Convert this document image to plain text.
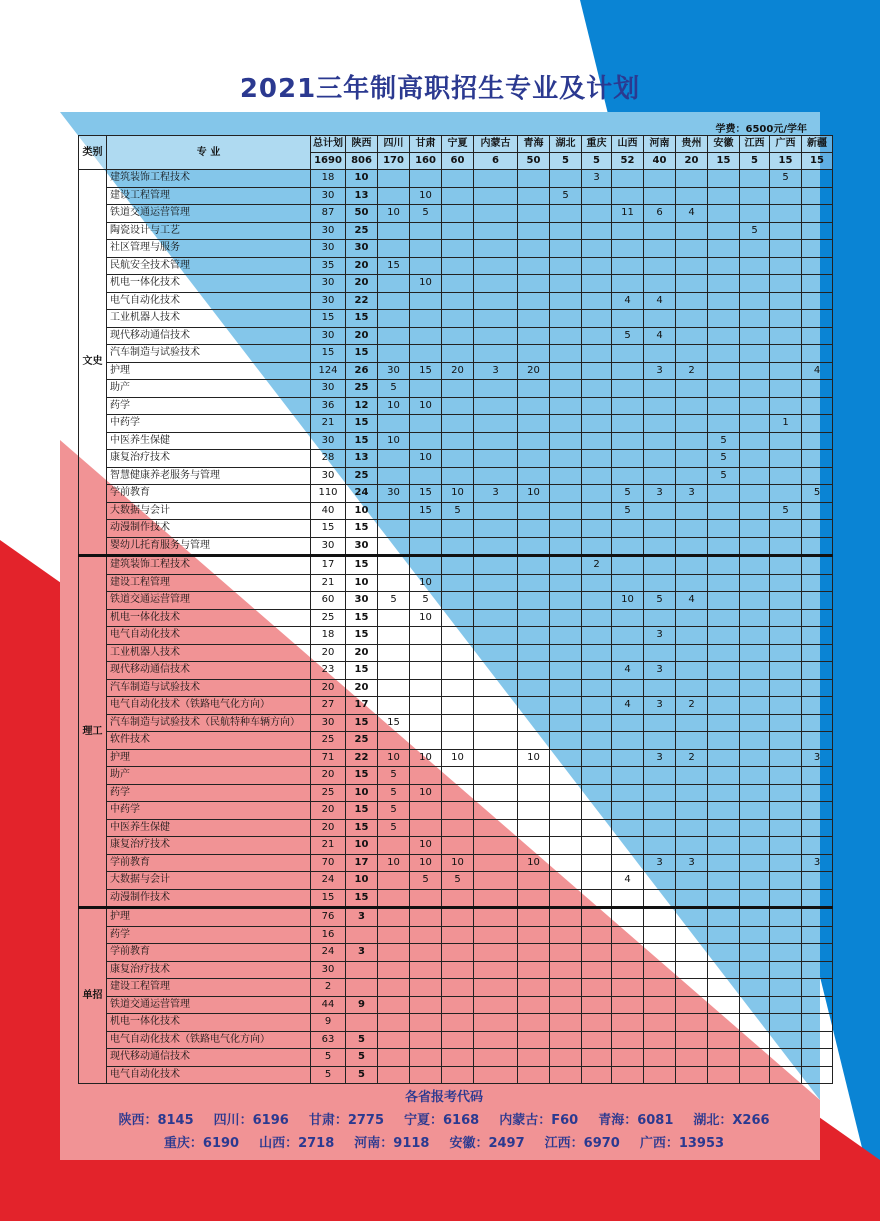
2021三年制高职招生专业及计划
学费：6500元/学年
类别	专 业	总计划	陕西	四川	甘肃	宁夏	内蒙古	青海	湖北	重庆	山西	河南	贵州	安徽	江西	广西	新疆
		1690	806	170	160	60	6	50	5	5	52	40	20	15	5	15	15
文史	建筑装饰工程技术	18	10							3						5	
	建设工程管理	30	13		10				5								
	铁道交通运营管理	87	50	10	5						11	6	4				
	陶瓷设计与工艺	30	25												5		
	社区管理与服务	30	30														
	民航安全技术管理	35	20	15													
	机电一体化技术	30	20		10												
	电气自动化技术	30	22								4	4					
	工业机器人技术	15	15														
	现代移动通信技术	30	20								5	4					
	汽车制造与试验技术	15	15														
	护理	124	26	30	15	20	3	20				3	2				4
	助产	30	25	5													
	药学	36	12	10	10												
	中药学	21	15													1	
	中医养生保健	30	15	10										5			
	康复治疗技术	28	13		10									5			
	智慧健康养老服务与管理	30	25											5			
	学前教育	110	24	30	15	10	3	10			5	3	3				5
	大数据与会计	40	10		15	5					5					5	
	动漫制作技术	15	15														
	婴幼儿托育服务与管理	30	30														
理工	建筑装饰工程技术	17	15							2							
	建设工程管理	21	10		10												
	铁道交通运营管理	60	30	5	5						10	5	4				
	机电一体化技术	25	15		10												
	电气自动化技术	18	15									3					
	工业机器人技术	20	20														
	现代移动通信技术	23	15								4	3					
	汽车制造与试验技术	20	20														
	电气自动化技术（铁路电气化方向）	27	17								4	3	2				
	汽车制造与试验技术（民航特种车辆方向）	30	15	15													
	软件技术	25	25														
	护理	71	22	10	10	10		10				3	2				3
	助产	20	15	5													
	药学	25	10	5	10												
	中药学	20	15	5													
	中医养生保健	20	15	5													
	康复治疗技术	21	10		10												
	学前教育	70	17	10	10	10		10				3	3				3
	大数据与会计	24	10		5	5					4						
	动漫制作技术	15	15														
单招	护理	76	3														
	药学	16															
	学前教育	24	3														
	康复治疗技术	30															
	建设工程管理	2															
	铁道交通运营管理	44	9														
	机电一体化技术	9															
	电气自动化技术（铁路电气化方向）	63	5														
	现代移动通信技术	5	5														
	电气自动化技术	5	5														
各省报考代码
陕西：8145 四川：6196 甘肃：2775 宁夏：6168 内蒙古：F60 青海：6081 湖北：X266
重庆：6190 山西：2718 河南：9118 安徽：2497 江西：6970 广西：13953
